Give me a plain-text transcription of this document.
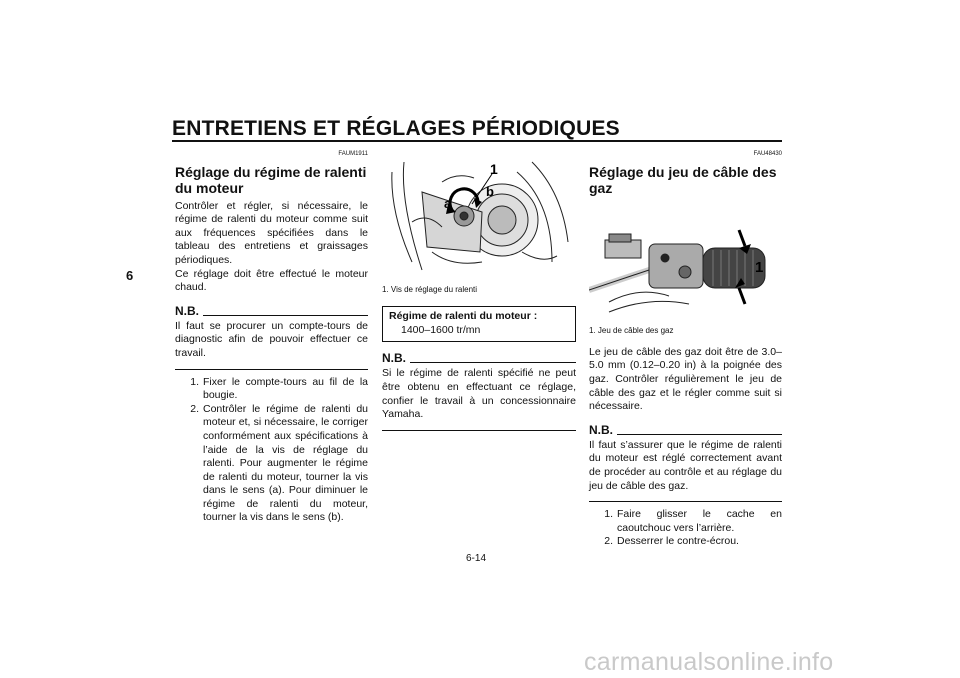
ENTRETIENS ET RÉGLAGES PÉRIODIQUES
6
FAUM1911
Réglage du régime de ralenti du moteur

Contrôler et régler, si nécessaire, le régime de ralenti du moteur comme suit aux fréquences spécifiées dans le tableau des entretiens et graissages périodiques.

Ce réglage doit être effectué le moteur chaud.

N.B.

Il faut se procurer un compte-tours de diagnostic afin de pouvoir effectuer ce travail.

1. Fixer le compte-tours au fil de la bougie.
2. Contrôler le régime de ralenti du moteur et, si nécessaire, le corriger conformément aux spécifications à l’aide de la vis de réglage du ralenti. Pour augmenter le régime de ralenti du moteur, tourner la vis dans le sens (a). Pour diminuer le régime de ralenti du moteur, tourner la vis dans le sens (b).
1
a
b
1. Vis de réglage du ralenti
Régime de ralenti du moteur :
1400–1600 tr/mn
N.B.

Si le régime de ralenti spécifié ne peut être obtenu en effectuant ce réglage, confier le travail à un concessionnaire Yamaha.

FAU48430
Réglage du jeu de câble des gaz
1
1. Jeu de câble des gaz

Le jeu de câble des gaz doit être de 3.0–5.0 mm (0.12–0.20 in) à la poignée des gaz. Contrôler régulièrement le jeu de câble des gaz et le régler comme suit si nécessaire.

N.B.

Il faut s’assurer que le régime de ralenti du moteur est réglé correctement avant de procéder au contrôle et au réglage du jeu de câble des gaz.

1. Faire glisser le cache en caoutchouc vers l’arrière.
2. Desserrer le contre-écrou.
6-14
carmanualsonline.info
